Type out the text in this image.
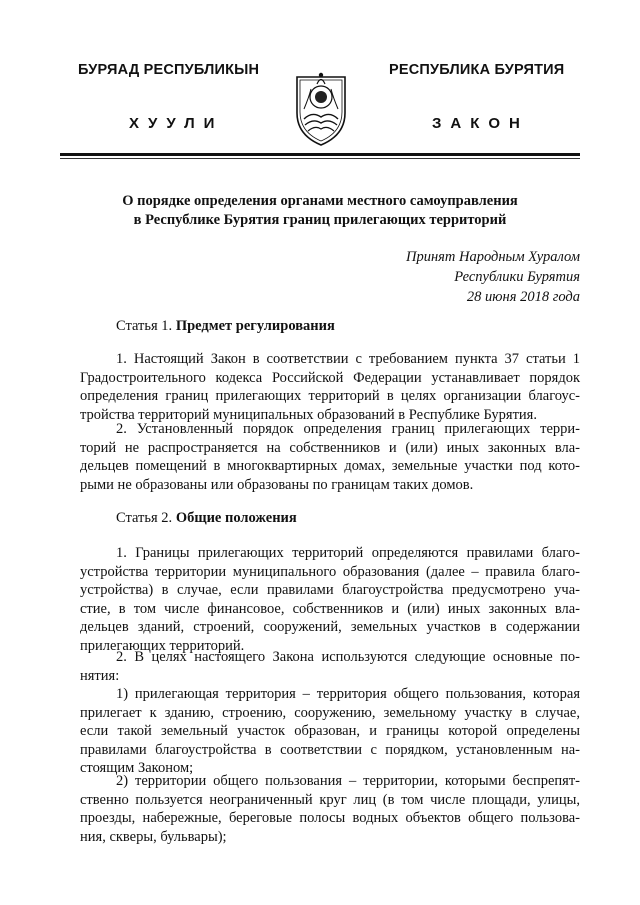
БУРЯАД РЕСПУБЛИКЫН	РЕСПУБЛИКА БУРЯТИЯ
ХУУЛИ	ЗАКОН
О порядке определения органами местного самоуправления
в Республике Бурятия границ прилегающих территорий
Принят Народным Хуралом
Республики Бурятия
28 июня 2018 года
Статья 1. Предмет регулирования
1. Настоящий Закон в соответствии с требованием пункта 37 статьи 1
Градостроительного кодекса Российской Федерации устанавливает порядок
определения границ прилегающих территорий в целях организации благоус-
тройства территорий муниципальных образований в Республике Бурятия.
2. Установленный порядок определения границ прилегающих терри-
торий не распространяется на собственников и (или) иных законных вла-
дельцев помещений в многоквартирных домах, земельные участки под кото-
рыми не образованы или образованы по границам таких домов.
Статья 2. Общие положения
1. Границы прилегающих территорий определяются правилами благо-
устройства территории муниципального образования (далее – правила благо-
устройства) в случае, если правилами благоустройства предусмотрено уча-
стие, в том числе финансовое, собственников и (или) иных законных вла-
дельцев зданий, строений, сооружений, земельных участков в содержании
прилегающих территорий.
2. В целях настоящего Закона используются следующие основные по-
нятия:
1) прилегающая территория – территория общего пользования, которая
прилегает к зданию, строению, сооружению, земельному участку в случае,
если такой земельный участок образован, и границы которой определены
правилами благоустройства в соответствии с порядком, установленным на-
стоящим Законом;
2) территории общего пользования – территории, которыми беспрепят-
ственно пользуется неограниченный круг лиц (в том числе площади, улицы,
проезды, набережные, береговые полосы водных объектов общего пользова-
ния, скверы, бульвары);
